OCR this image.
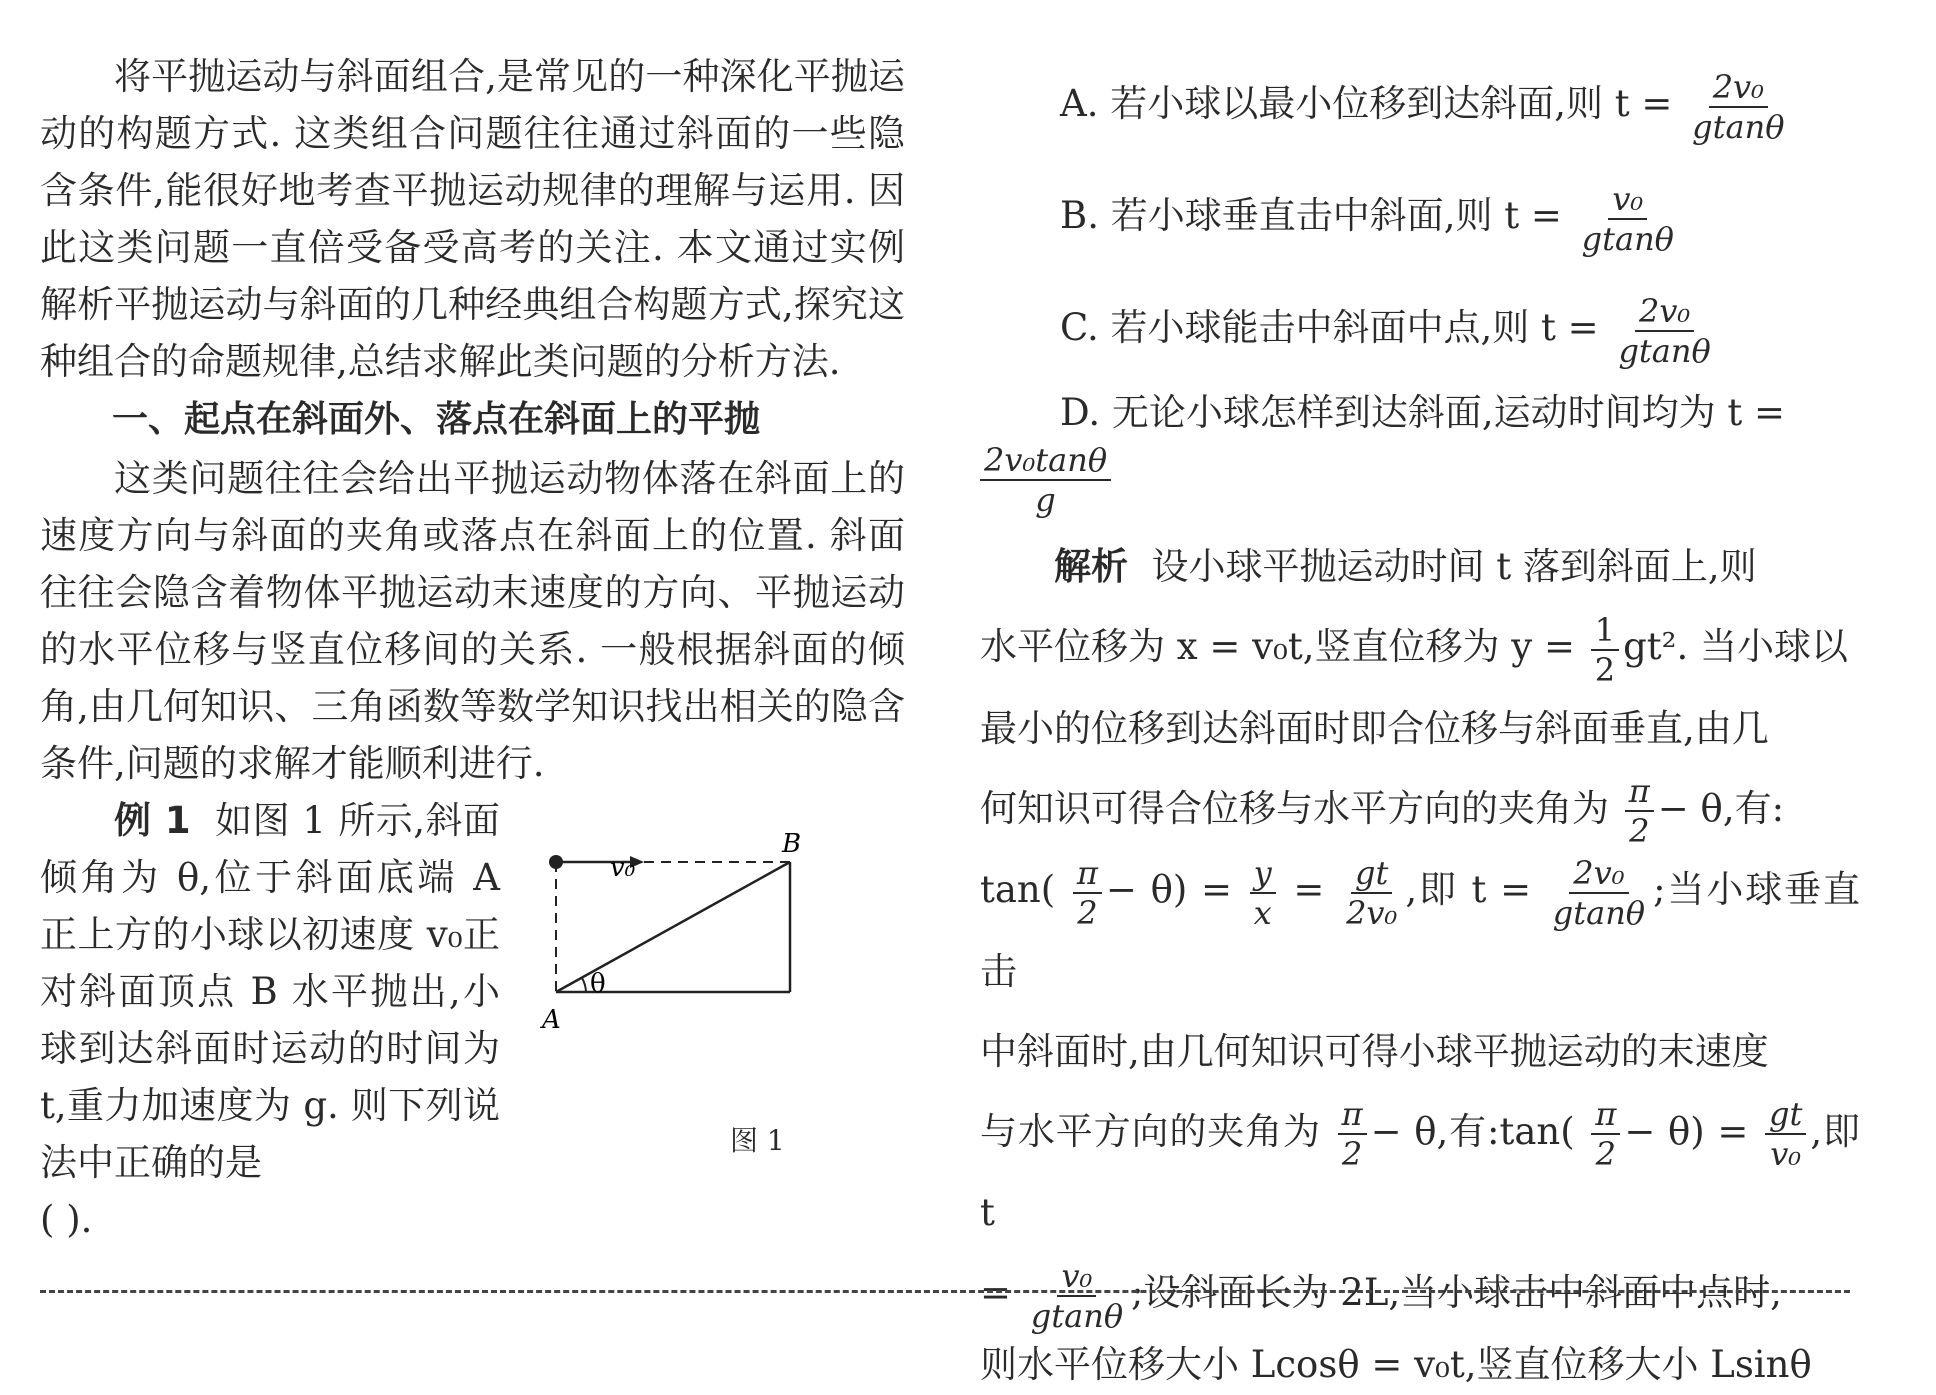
将平抛运动与斜面组合,是常见的一种深化平抛运动的构题方式. 这类组合问题往往通过斜面的一些隐含条件,能很好地考查平抛运动规律的理解与运用. 因此这类问题一直倍受备受高考的关注. 本文通过实例解析平抛运动与斜面的几种经典组合构题方式,探究这种组合的命题规律,总结求解此类问题的分析方法.

一、起点在斜面外、落点在斜面上的平抛

这类问题往往会给出平抛运动物体落在斜面上的速度方向与斜面的夹角或落点在斜面上的位置. 斜面往往会隐含着物体平抛运动末速度的方向、平抛运动的水平位移与竖直位移间的关系. 一般根据斜面的倾角,由几何知识、三角函数等数学知识找出相关的隐含条件,问题的求解才能顺利进行.

例 1 如图 1 所示,斜面倾角为 θ,位于斜面底端 A 正上方的小球以初速度 v₀正对斜面顶点 B 水平抛出,小球到达斜面时运动的时间为 t,重力加速度为 g. 则下列说法中正确的是

( ).

v₀
B
A
θ
图 1

A. 若小球以最小位移到达斜面,则 $t = \frac{\text{2v₀}}{gtan\theta}$

B. 若小球垂直击中斜面,则 $t = \frac{\text{v₀}}{gtan\theta}$

C. 若小球能击中斜面中点,则 $t = \frac{\text{2v₀}}{gtan\theta}$

D. 无论小球怎样到达斜面,运动时间均为 t =

$\frac{\text{2v₀tanθ}}{g}$

解析 设小球平抛运动时间 t 落到斜面上,则

水平位移为 x = v₀t,竖直位移为 $y = \frac{1}{2} gt^2$. 当小球以

最小的位移到达斜面时即合位移与斜面垂直,由几

何知识可得合位移与水平方向的夹角为 $\frac{\pi}{2} - \theta$,有:

$\tan( \frac{\pi}{2} - \theta) = \frac{y}{x} = \frac{gt}{\text{2v₀}}$ ,即 $t = \frac{\text{2v₀}}{gtan\theta}$ ;当小球垂直击

中斜面时,由几何知识可得小球平抛运动的末速度

与水平方向的夹角为 $\frac{\pi}{2} - \theta$,有:tan( $\frac{\pi}{2} - \theta) = \frac{gt}{\text{v₀}}$ ,即 t

= $\frac{\text{v₀}}{gtan\theta}$ ;设斜面长为 2L,当小球击中斜面中点时,

则水平位移大小 Lcosθ = v₀t,竖直位移大小 Lsinθ
